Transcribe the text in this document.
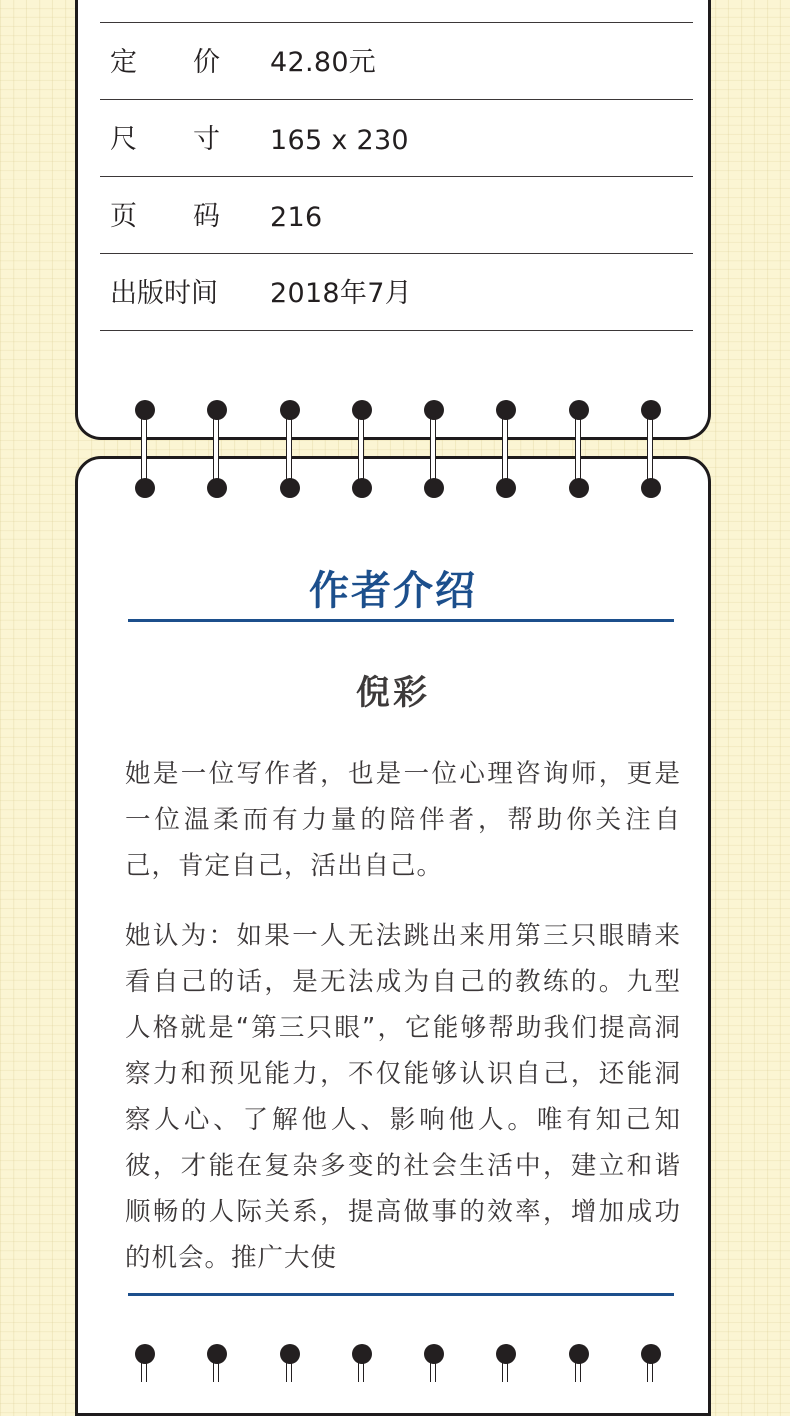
定 价 42.80元
尺 寸 165 x 230
页 码 216
出版时间 2018年7月
作者介绍
倪彩

她是一位写作者，也是一位心理咨询师，更是一位温柔而有力量的陪伴者，帮助你关注自己，肯定自己，活出自己。

她认为：如果一人无法跳出来用第三只眼睛来看自己的话，是无法成为自己的教练的。九型人格就是“第三只眼”，它能够帮助我们提高洞察力和预见能力，不仅能够认识自己，还能洞察人心、了解他人、影响他人。唯有知己知彼，才能在复杂多变的社会生活中，建立和谐顺畅的人际关系，提高做事的效率，增加成功的机会。推广大使
